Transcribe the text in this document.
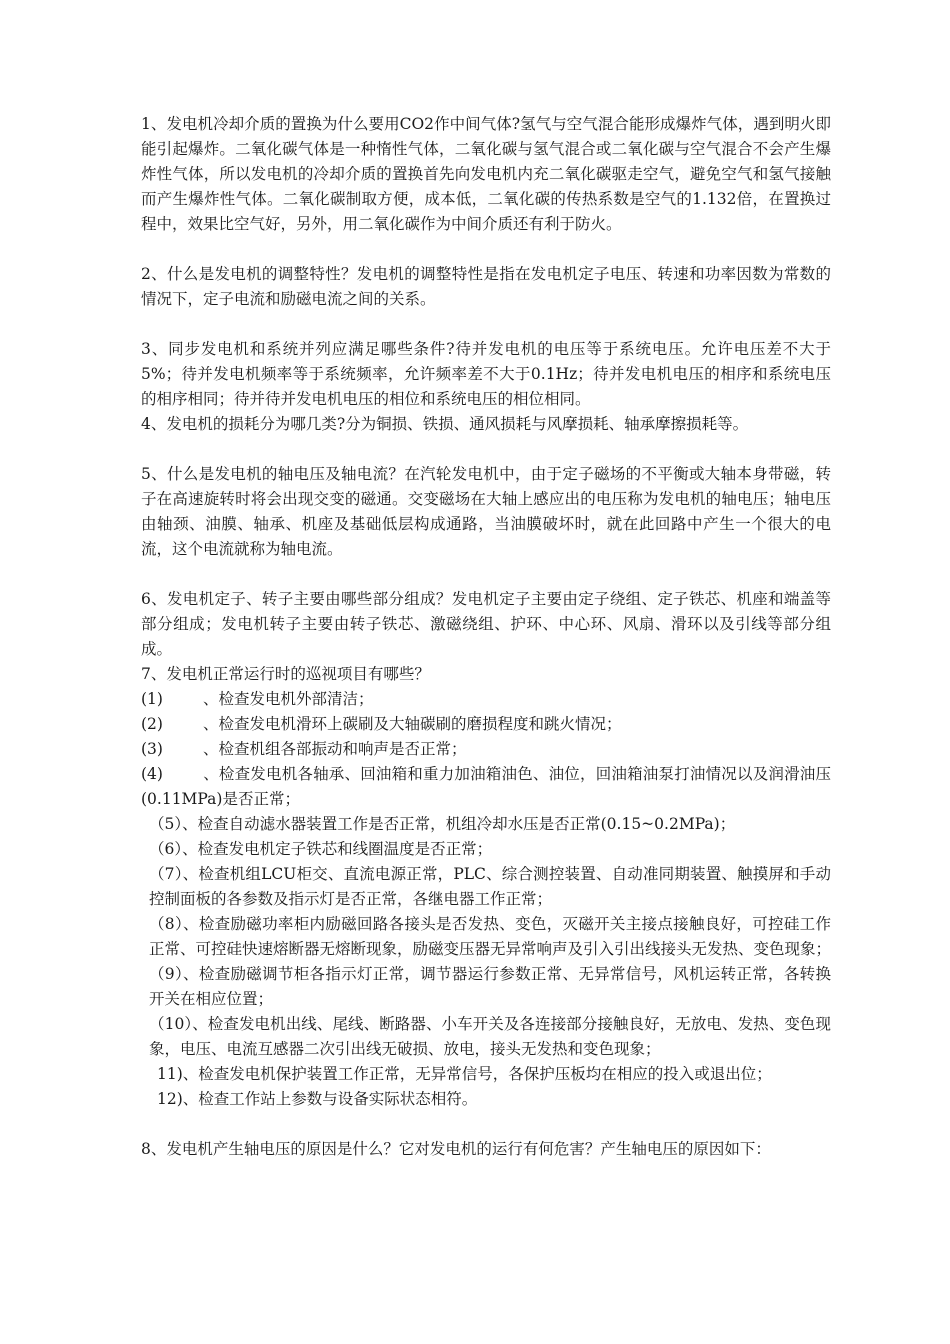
1、发电机冷却介质的置换为什么要用CO2作中间气体?氢气与空气混合能形成爆炸气体，遇到明火即能引起爆炸。二氧化碳气体是一种惰性气体，二氧化碳与氢气混合或二氧化碳与空气混合不会产生爆炸性气体，所以发电机的冷却介质的置换首先向发电机内充二氧化碳驱走空气，避免空气和氢气接触而产生爆炸性气体。二氧化碳制取方便，成本低，二氧化碳的传热系数是空气的1.132倍，在置换过程中，效果比空气好，另外，用二氧化碳作为中间介质还有利于防火。

2、什么是发电机的调整特性？发电机的调整特性是指在发电机定子电压、转速和功率因数为常数的情况下，定子电流和励磁电流之间的关系。

3、同步发电机和系统并列应满足哪些条件?待并发电机的电压等于系统电压。允许电压差不大于5%；待并发电机频率等于系统频率，允许频率差不大于0.1Hz；待并发电机电压的相序和系统电压的相序相同；待并待并发电机电压的相位和系统电压的相位相同。

4、发电机的损耗分为哪几类?分为铜损、铁损、通风损耗与风摩损耗、轴承摩擦损耗等。

5、什么是发电机的轴电压及轴电流？在汽轮发电机中，由于定子磁场的不平衡或大轴本身带磁，转子在高速旋转时将会出现交变的磁通。交变磁场在大轴上感应出的电压称为发电机的轴电压；轴电压由轴颈、油膜、轴承、机座及基础低层构成通路，当油膜破坏时，就在此回路中产生一个很大的电流，这个电流就称为轴电流。

6、发电机定子、转子主要由哪些部分组成？发电机定子主要由定子绕组、定子铁芯、机座和端盖等部分组成；发电机转子主要由转子铁芯、激磁绕组、护环、中心环、风扇、滑环以及引线等部分组成。

7、发电机正常运行时的巡视项目有哪些？

(1)	、检查发电机外部清洁；

(2)	、检查发电机滑环上碳刷及大轴碳刷的磨损程度和跳火情况；

(3)	、检查机组各部振动和响声是否正常；

(4)	、检查发电机各轴承、回油箱和重力加油箱油色、油位，回油箱油泵打油情况以及润滑油压(0.11MPa)是否正常；

（5）、检查自动滤水器装置工作是否正常，机组冷却水压是否正常(0.15~0.2MPa)；

（6）、检查发电机定子铁芯和线圈温度是否正常；

（7）、检查机组LCU柜交、直流电源正常，PLC、综合测控装置、自动准同期装置、触摸屏和手动控制面板的各参数及指示灯是否正常，各继电器工作正常；

（8）、检查励磁功率柜内励磁回路各接头是否发热、变色，灭磁开关主接点接触良好，可控硅工作正常、可控硅快速熔断器无熔断现象，励磁变压器无异常响声及引入引出线接头无发热、变色现象；

（9）、检查励磁调节柜各指示灯正常，调节器运行参数正常、无异常信号，风机运转正常，各转换开关在相应位置；

（10）、检查发电机出线、尾线、断路器、小车开关及各连接部分接触良好，无放电、发热、变色现象，电压、电流互感器二次引出线无破损、放电，接头无发热和变色现象；

11)、检查发电机保护装置工作正常，无异常信号，各保护压板均在相应的投入或退出位；

12)、检查工作站上参数与设备实际状态相符。

8、发电机产生轴电压的原因是什么？它对发电机的运行有何危害？产生轴电压的原因如下：
